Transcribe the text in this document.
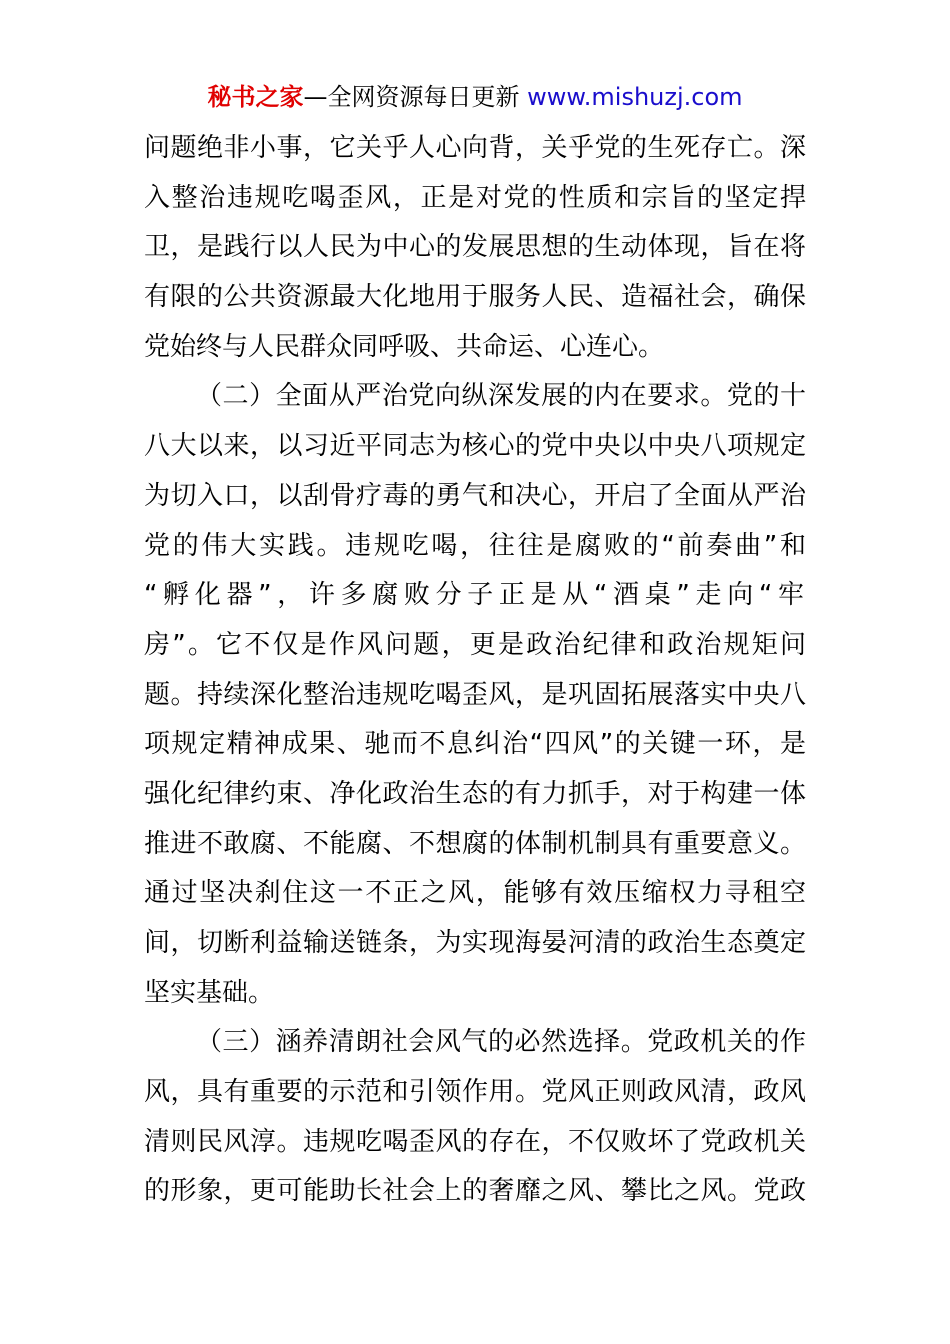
秘书之家—全网资源每日更新 www.mishuzj.com
问题绝非小事，它关乎人心向背，关乎党的生死存亡。深
入整治违规吃喝歪风，正是对党的性质和宗旨的坚定捍
卫，是践行以人民为中心的发展思想的生动体现，旨在将
有限的公共资源最大化地用于服务人民、造福社会，确保
党始终与人民群众同呼吸、共命运、心连心。
（二）全面从严治党向纵深发展的内在要求。党的十
八大以来，以习近平同志为核心的党中央以中央八项规定
为切入口，以刮骨疗毒的勇气和决心，开启了全面从严治
党的伟大实践。违规吃喝，往往是腐败的“前奏曲”和
“孵化器”，许多腐败分子正是从“酒桌”走向“牢
房”。它不仅是作风问题，更是政治纪律和政治规矩问
题。持续深化整治违规吃喝歪风，是巩固拓展落实中央八
项规定精神成果、驰而不息纠治“四风”的关键一环，是
强化纪律约束、净化政治生态的有力抓手，对于构建一体
推进不敢腐、不能腐、不想腐的体制机制具有重要意义。
通过坚决刹住这一不正之风，能够有效压缩权力寻租空
间，切断利益输送链条，为实现海晏河清的政治生态奠定
坚实基础。
（三）涵养清朗社会风气的必然选择。党政机关的作
风，具有重要的示范和引领作用。党风正则政风清，政风
清则民风淳。违规吃喝歪风的存在，不仅败坏了党政机关
的形象，更可能助长社会上的奢靡之风、攀比之风。党政
